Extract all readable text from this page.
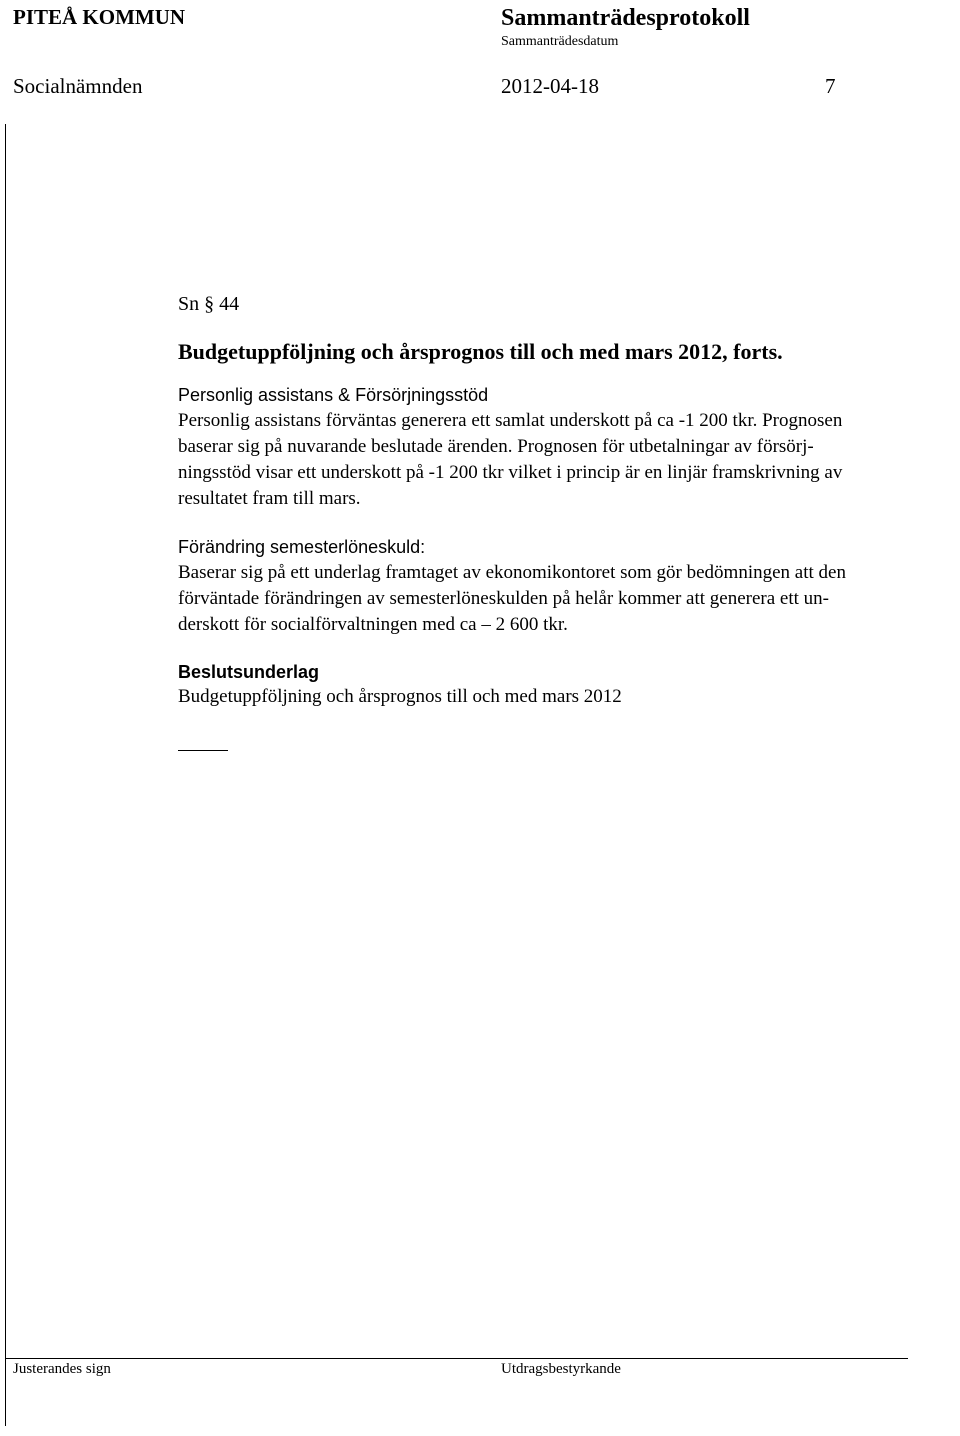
PITEÅ KOMMUN	Sammanträdesprotokoll
Sammanträdesdatum
Socialnämnden	2012-04-18	7
Sn § 44
Budgetuppföljning och årsprognos till och med mars 2012, forts.
Personlig assistans & Försörjningsstöd
Personlig assistans förväntas generera ett samlat underskott på ca -1 200 tkr. Prognosen
baserar sig på nuvarande beslutade ärenden. Prognosen för utbetalningar av försörj-
ningsstöd visar ett underskott på -1 200 tkr vilket i princip är en linjär framskrivning av
resultatet fram till mars.
Förändring semesterlöneskuld:
Baserar sig på ett underlag framtaget av ekonomikontoret som gör bedömningen att den
förväntade förändringen av semesterlöneskulden på helår kommer att generera ett un-
derskott för socialförvaltningen med ca – 2 600 tkr.
Beslutsunderlag
Budgetuppföljning och årsprognos till och med mars 2012
Justerandes sign	Utdragsbestyrkande
